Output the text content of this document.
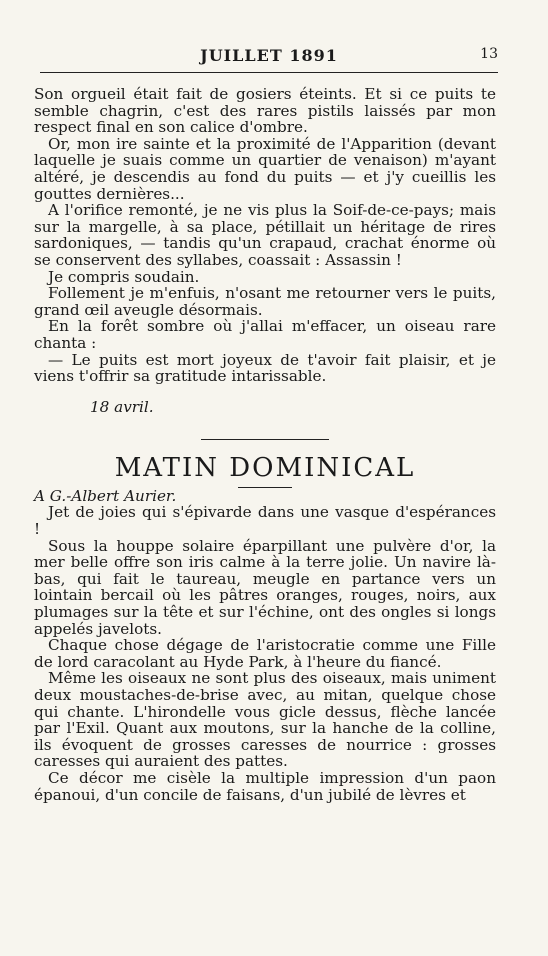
JUILLET 1891	13

Son orgueil était fait de gosiers éteints. Et si ce puits te semble chagrin, c'est des rares pistils laissés par mon respect final en son calice d'ombre.

Or, mon ire sainte et la proximité de l'Apparition (devant laquelle je suais comme un quartier de venaison) m'ayant altéré, je descendis au fond du puits — et j'y cueillis les gouttes dernières...

A l'orifice remonté, je ne vis plus la Soif-de-ce-pays; mais sur la margelle, à sa place, pétillait un héritage de rires sardoniques, — tandis qu'un crapaud, crachat énorme où se conservent des syllabes, coassait : Assassin !

Je compris soudain.

Follement je m'enfuis, n'osant me retourner vers le puits, grand œil aveugle désormais.

En la forêt sombre où j'allai m'effacer, un oiseau rare chanta :

— Le puits est mort joyeux de t'avoir fait plaisir, et je viens t'offrir sa gratitude intarissable.

18 avril.

MATIN DOMINICAL

A G.-Albert Aurier.

Jet de joies qui s'épivarde dans une vasque d'espérances !

Sous la houppe solaire éparpillant une pulvère d'or, la mer belle offre son iris calme à la terre jolie. Un navire là-bas, qui fait le taureau, meugle en partance vers un lointain bercail où les pâtres oranges, rouges, noirs, aux plumages sur la tête et sur l'échine, ont des ongles si longs appelés javelots.

Chaque chose dégage de l'aristocratie comme une Fille de lord caracolant au Hyde Park, à l'heure du fiancé.

Même les oiseaux ne sont plus des oiseaux, mais uniment deux moustaches-de-brise avec, au mitan, quelque chose qui chante. L'hirondelle vous gicle dessus, flèche lancée par l'Exil. Quant aux moutons, sur la hanche de la colline, ils évoquent de grosses caresses de nourrice : grosses caresses qui auraient des pattes.

Ce décor me cisèle la multiple impression d'un paon épanoui, d'un concile de faisans, d'un jubilé de lèvres et
